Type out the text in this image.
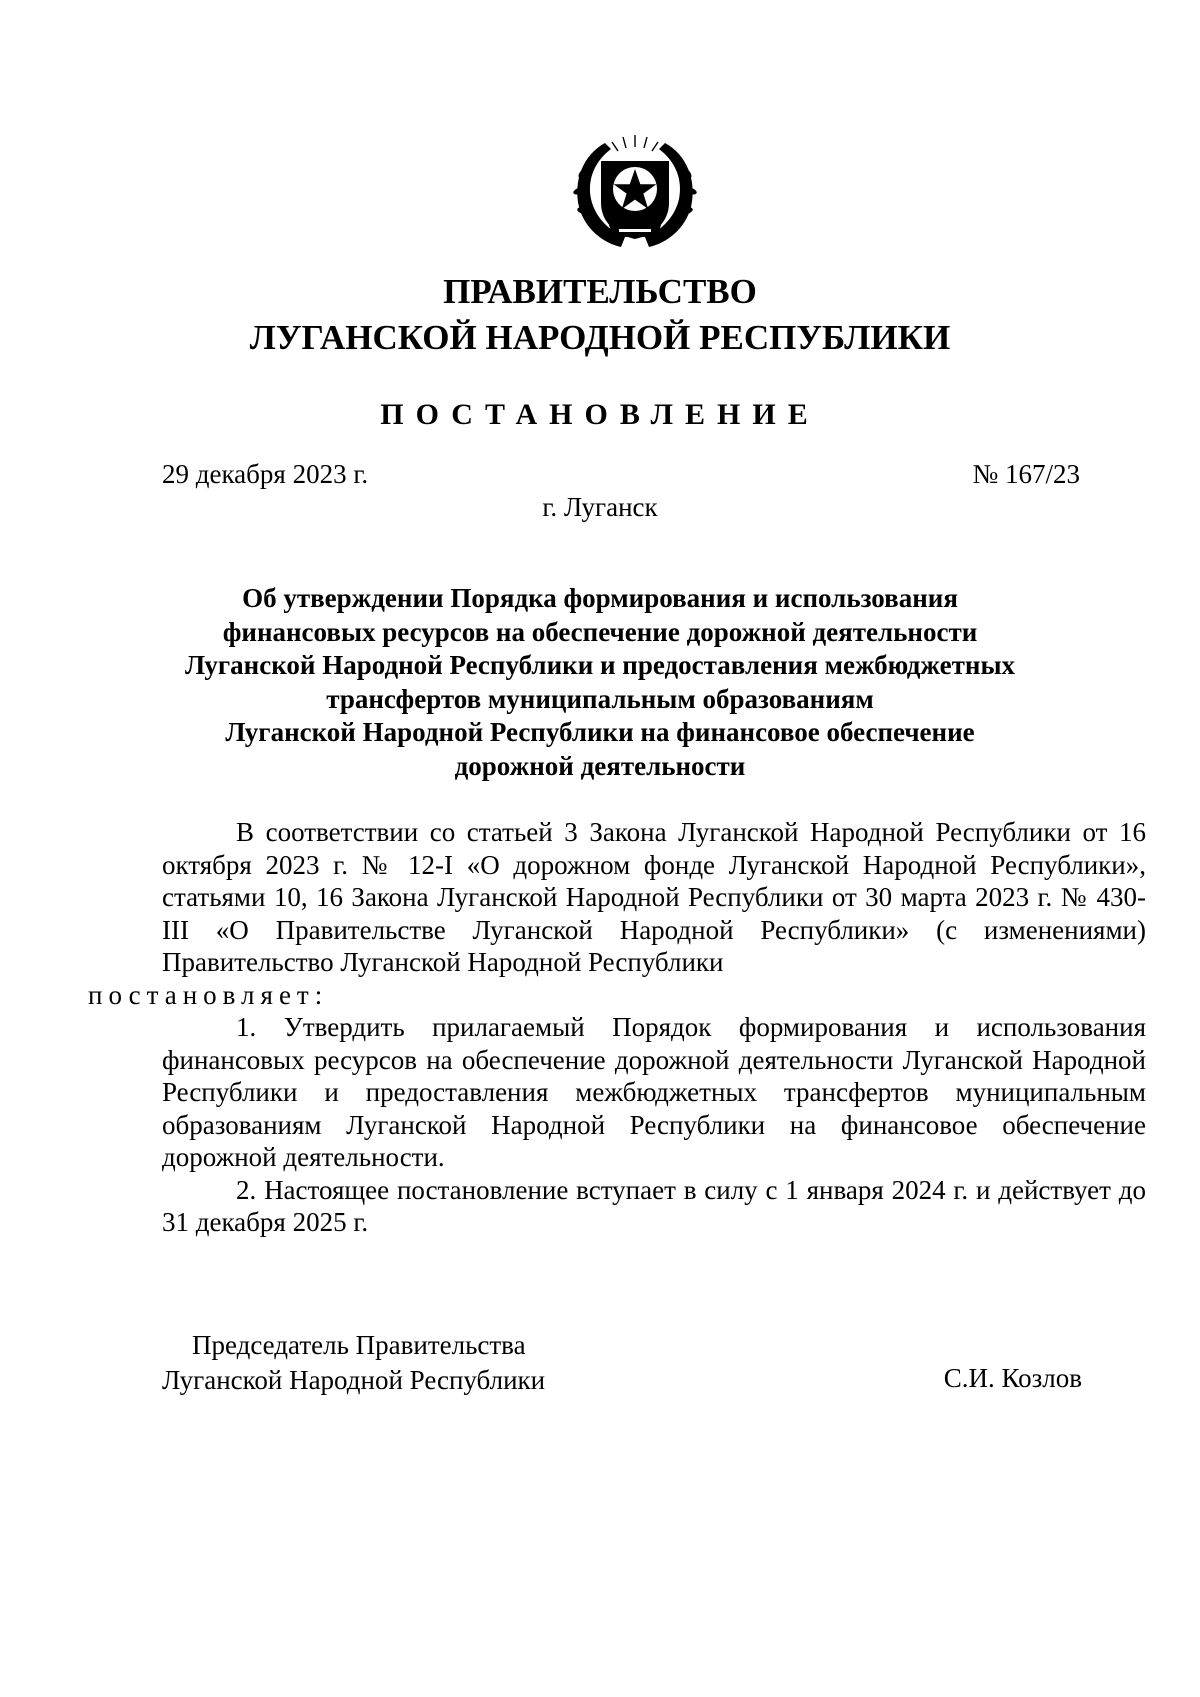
ПРАВИТЕЛЬСТВО
ЛУГАНСКОЙ НАРОДНОЙ РЕСПУБЛИКИ
ПОСТАНОВЛЕНИЕ
29 декабря 2023 г.	№ 167/23
г. Луганск
Об утверждении Порядка формирования и использования
финансовых ресурсов на обеспечение дорожной деятельности
Луганской Народной Республики и предоставления межбюджетных
трансфертов муниципальным образованиям
Луганской Народной Республики на финансовое обеспечение
дорожной деятельности

В соответствии со статьей 3 Закона Луганской Народной Республики от 16 октября 2023 г. № 12-I «О дорожном фонде Луганской Народной Республики», статьями 10, 16 Закона Луганской Народной Республики от 30 марта 2023 г. № 430-III «О Правительстве Луганской Народной Республики» (с изменениями) Правительство Луганской Народной Республики
постановляет:

1. Утвердить прилагаемый Порядок формирования и использования финансовых ресурсов на обеспечение дорожной деятельности Луганской Народной Республики и предоставления межбюджетных трансфертов муниципальным образованиям Луганской Народной Республики на финансовое обеспечение дорожной деятельности.

2. Настоящее постановление вступает в силу с 1 января 2024 г. и действует до 31 декабря 2025 г.

Председатель Правительства
Луганской Народной Республики	С.И. Козлов
